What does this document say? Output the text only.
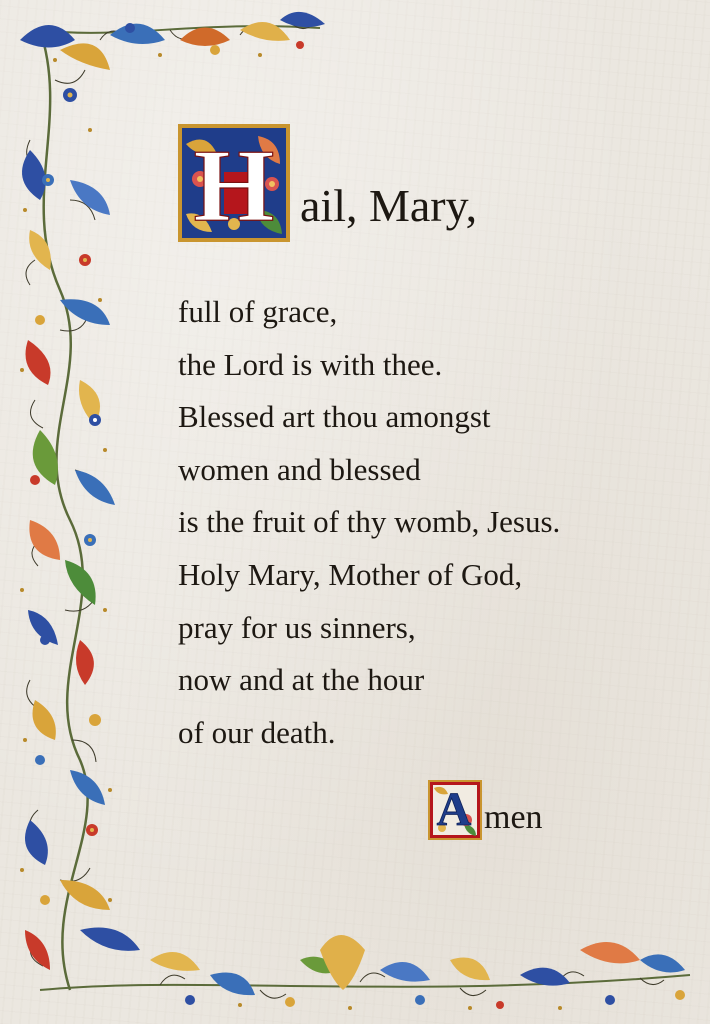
H ail, Mary,
full of grace,
the Lord is with thee.
Blessed art thou amongst
women and blessed
is the fruit of thy womb, Jesus.
Holy Mary, Mother of God,
pray for us sinners,
now and at the hour
of our death.
A men
